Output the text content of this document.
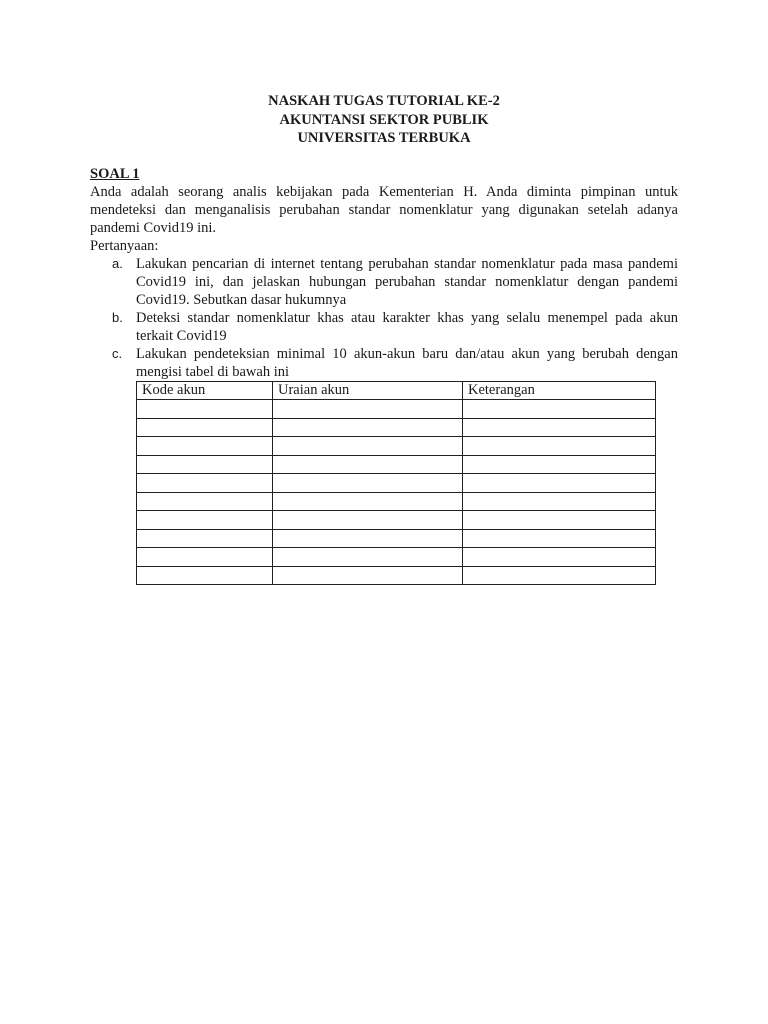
NASKAH TUGAS TUTORIAL KE-2
AKUNTANSI SEKTOR PUBLIK
UNIVERSITAS TERBUKA

SOAL 1

Anda adalah seorang analis kebijakan pada Kementerian H. Anda diminta pimpinan untuk mendeteksi dan menganalisis perubahan standar nomenklatur yang digunakan setelah adanya pandemi Covid19 ini.

Pertanyaan:

a. Lakukan pencarian di internet tentang perubahan standar nomenklatur pada masa pandemi Covid19 ini, dan jelaskan hubungan perubahan standar nomenklatur dengan pandemi Covid19. Sebutkan dasar hukumnya
b. Deteksi standar nomenklatur khas atau karakter khas yang selalu menempel pada akun terkait Covid19
c. Lakukan pendeteksian minimal 10 akun-akun baru dan/atau akun yang berubah dengan mengisi tabel di bawah ini
Kode akun	Uraian akun	Keterangan
